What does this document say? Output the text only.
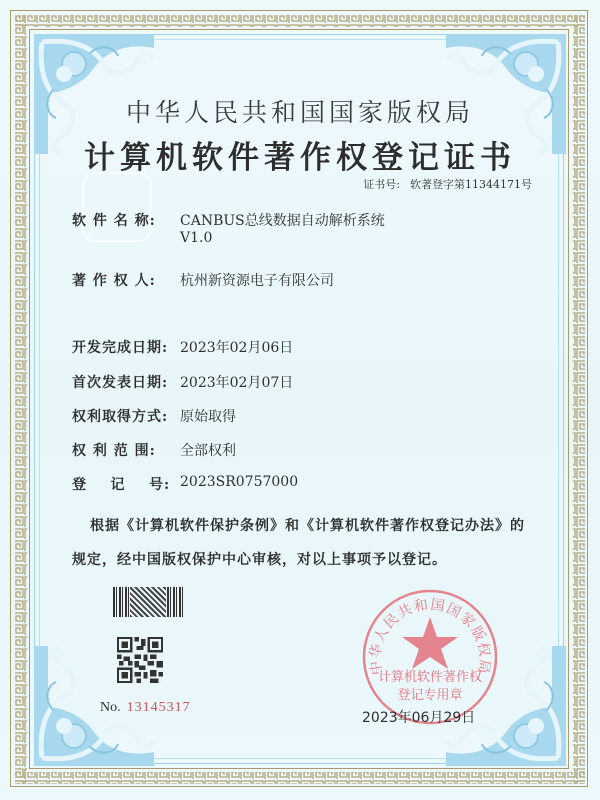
中华人民共和国国家版权局
计算机软件著作权登记证书
证书号: 软著登字第11344171号
软 件 名 称: CANBUS总线数据自动解析系统
V1.0
著 作 权 人: 杭州新资源电子有限公司
开发完成日期: 2023年02月06日
首次发表日期: 2023年02月07日
权利取得方式: 原始取得
权 利 范 围: 全部权利
登    记    号: 2023SR0757000
根据《计算机软件保护条例》和《计算机软件著作权登记办法》的
规定，经中国版权保护中心审核，对以上事项予以登记。
No. 13145317
中华人民共和国国家版权局
计算机软件著作权
登记专用章
2023年06月29日
